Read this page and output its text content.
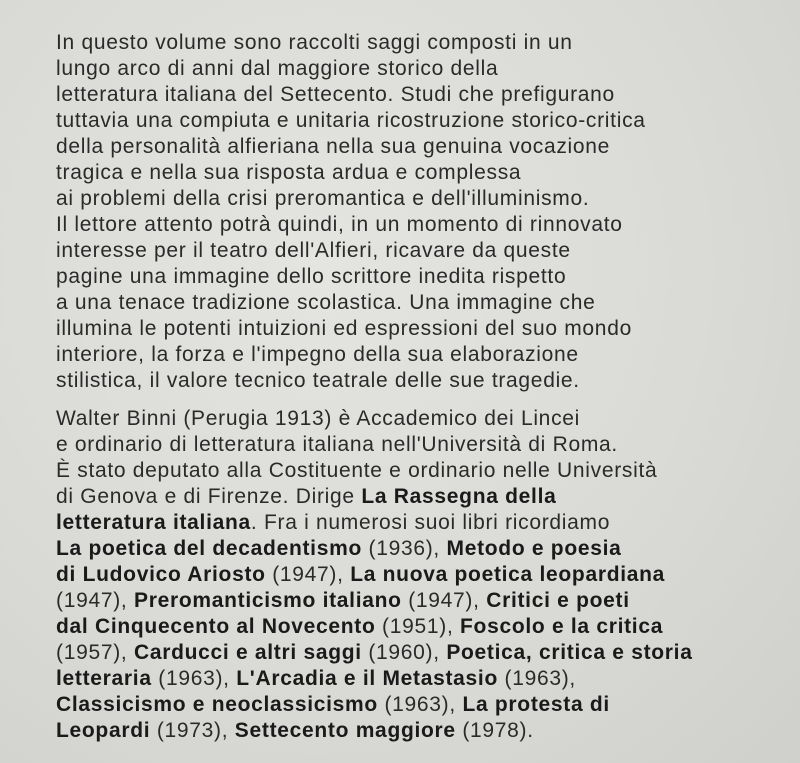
In questo volume sono raccolti saggi composti in un
lungo arco di anni dal maggiore storico della
letteratura italiana del Settecento. Studi che prefigurano
tuttavia una compiuta e unitaria ricostruzione storico-critica
della personalità alfieriana nella sua genuina vocazione
tragica e nella sua risposta ardua e complessa
ai problemi della crisi preromantica e dell'illuminismo.
Il lettore attento potrà quindi, in un momento di rinnovato
interesse per il teatro dell'Alfieri, ricavare da queste
pagine una immagine dello scrittore inedita rispetto
a una tenace tradizione scolastica. Una immagine che
illumina le potenti intuizioni ed espressioni del suo mondo
interiore, la forza e l'impegno della sua elaborazione
stilistica, il valore tecnico teatrale delle sue tragedie.
Walter Binni (Perugia 1913) è Accademico dei Lincei
e ordinario di letteratura italiana nell'Università di Roma.
È stato deputato alla Costituente e ordinario nelle Università
di Genova e di Firenze. Dirige La Rassegna della
letteratura italiana. Fra i numerosi suoi libri ricordiamo
La poetica del decadentismo (1936), Metodo e poesia
di Ludovico Ariosto (1947), La nuova poetica leopardiana
(1947), Preromanticismo italiano (1947), Critici e poeti
dal Cinquecento al Novecento (1951), Foscolo e la critica
(1957), Carducci e altri saggi (1960), Poetica, critica e storia
letteraria (1963), L'Arcadia e il Metastasio (1963),
Classicismo e neoclassicismo (1963), La protesta di
Leopardi (1973), Settecento maggiore (1978).
